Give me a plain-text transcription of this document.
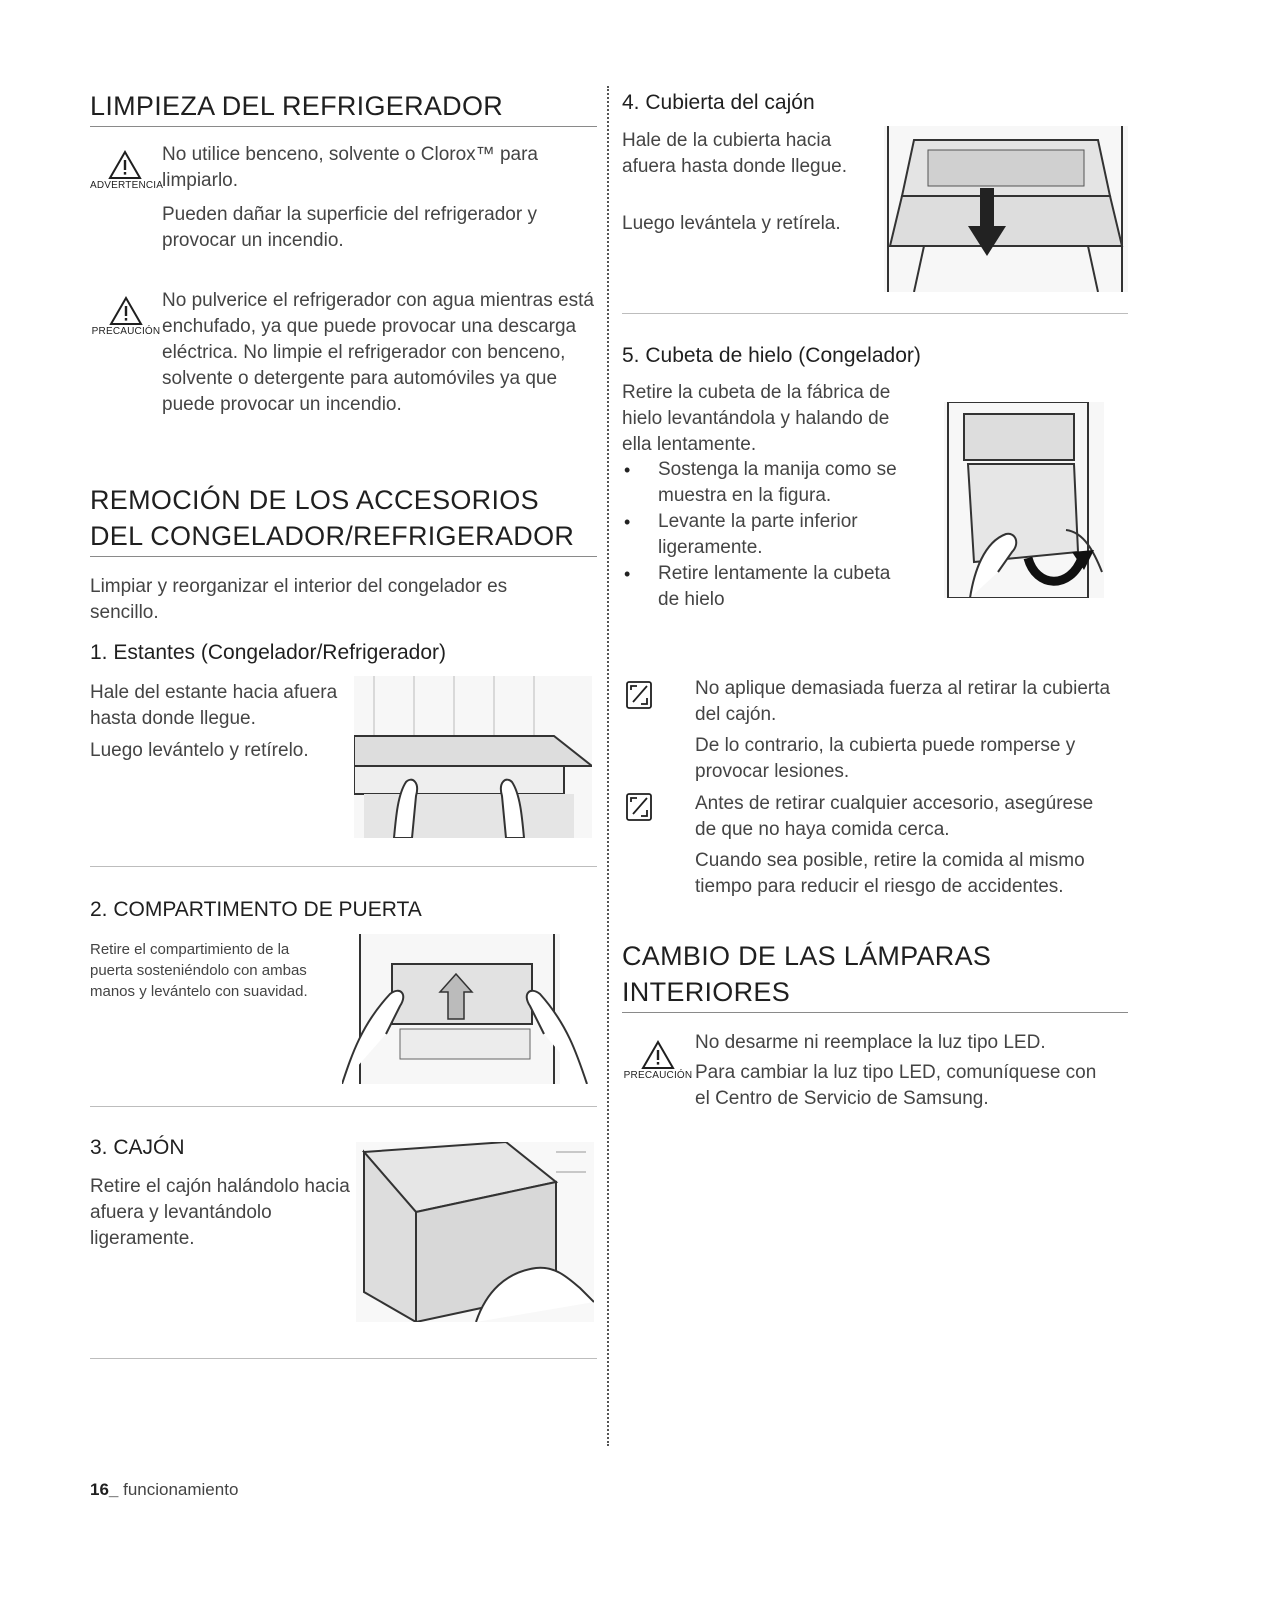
LIMPIEZA DEL REFRIGERADOR
ADVERTENCIA
No utilice benceno, solvente o Clorox™ para limpiarlo.
Pueden dañar la superficie del refrigerador y provocar un incendio.
PRECAUCIÓN
No pulverice el refrigerador con agua mientras está enchufado, ya que puede provocar una descarga eléctrica. No limpie el refrigerador con benceno, solvente o detergente para automóviles ya que puede provocar un incendio.
REMOCIÓN DE LOS ACCESORIOS
DEL CONGELADOR/REFRIGERADOR
Limpiar y reorganizar el interior del congelador es sencillo.
1. Estantes (Congelador/Refrigerador)
Hale del estante hacia afuera hasta donde llegue.
Luego levántelo y retírelo.
2. COMPARTIMENTO DE PUERTA
Retire el compartimiento de la puerta sosteniéndolo con ambas manos y levántelo con suavidad.
3. CAJÓN
Retire el cajón halándolo hacia afuera y levantándolo ligeramente.
4. Cubierta del cajón
Hale de la cubierta hacia afuera hasta donde llegue.
Luego levántela y retírela.
5. Cubeta de hielo (Congelador)
Retire la cubeta de la fábrica de hielo levantándola y halando de ella lentamente.
• Sostenga la manija como se muestra en la figura.
• Levante la parte inferior ligeramente.
• Retire lentamente la cubeta de hielo
No aplique demasiada fuerza al retirar la cubierta del cajón.
De lo contrario, la cubierta puede romperse y provocar lesiones.
Antes de retirar cualquier accesorio, asegúrese de que no haya comida cerca.
Cuando sea posible, retire la comida al mismo tiempo para reducir el riesgo de accidentes.
CAMBIO DE LAS LÁMPARAS
INTERIORES
PRECAUCIÓN
No desarme ni reemplace la luz tipo LED.
Para cambiar la luz tipo LED, comuníquese con el Centro de Servicio de Samsung.
16_ funcionamiento
